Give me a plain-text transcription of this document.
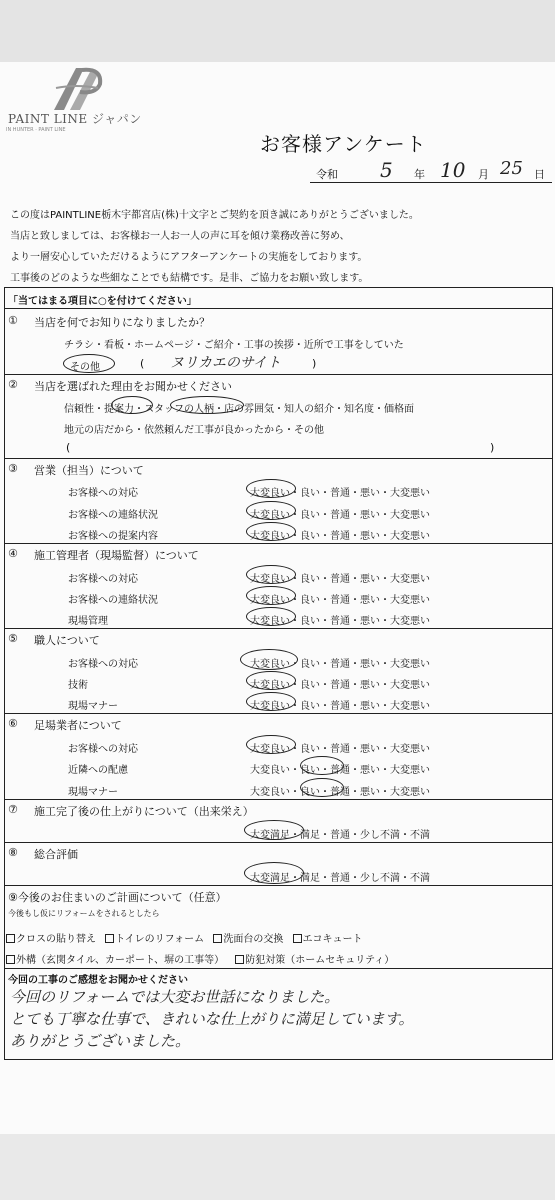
PAINT LINE ジャパン
IN HUNTER · PAINT LINE
お客様アンケート
令和 5 年 10 月 25 日
この度はPAINTLINE栃木宇都宮店(株)十文字とご契約を頂き誠にありがとうございました。
当店と致しましては、お客様お一人お一人の声に耳を傾け業務改善に努め、
より一層安心していただけるようにアフターアンケートの実施をしております。
工事後のどのような些細なことでも結構です。是非、ご協力をお願い致します。
「当てはまる項目に○を付けてください」
① 当店を何でお知りになりましたか？
チラシ・看板・ホームページ・ご紹介・工事の挨拶・近所で工事をしていた
その他	( ヌリカエのサイト	)
② 当店を選ばれた理由をお聞かせください
信頼性・提案力・スタッフの人柄・店の雰囲気・知人の紹介・知名度・価格面
地元の店だから・依然頼んだ工事が良かったから・その他
(	)
③ 営業（担当）について
お客様への対応	大変良い・良い・普通・悪い・大変悪い
お客様への連絡状況	大変良い・良い・普通・悪い・大変悪い
お客様への提案内容	大変良い・良い・普通・悪い・大変悪い
④ 施工管理者（現場監督）について
お客様への対応	大変良い・良い・普通・悪い・大変悪い
お客様への連絡状況	大変良い・良い・普通・悪い・大変悪い
現場管理	大変良い・良い・普通・悪い・大変悪い
⑤ 職人について
お客様への対応	大変良い・良い・普通・悪い・大変悪い
技術	大変良い・良い・普通・悪い・大変悪い
現場マナー	大変良い・良い・普通・悪い・大変悪い
⑥ 足場業者について
お客様への対応	大変良い・良い・普通・悪い・大変悪い
近隣への配慮	大変良い・良い・普通・悪い・大変悪い
現場マナー	大変良い・良い・普通・悪い・大変悪い
⑦ 施工完了後の仕上がりについて（出来栄え）
大変満足・満足・普通・少し不満・不満
⑧ 総合評価
大変満足・満足・普通・少し不満・不満
⑨今後のお住まいのご計画について（任意）
今後もし仮にリフォームをされるとしたら
クロスの貼り替え トイレのリフォーム 洗面台の交換 エコキュート
外構（玄関タイル、カーポート、塀の工事等） 防犯対策（ホームセキュリティ）
今回の工事のご感想をお聞かせください
今回のリフォームでは大変お世話になりました。
とても丁寧な仕事で、きれいな仕上がりに満足しています。
ありがとうございました。
